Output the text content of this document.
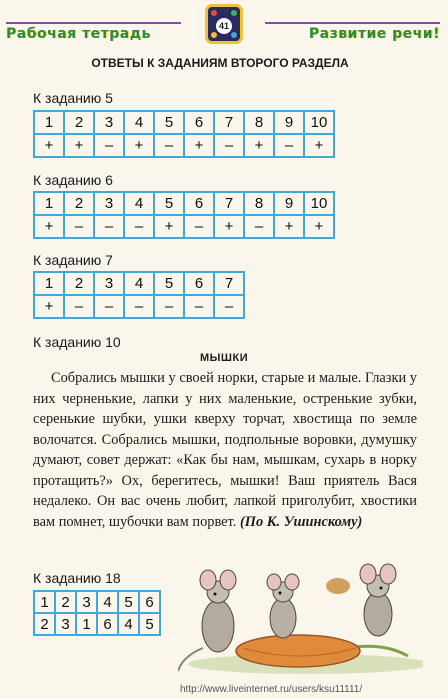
Рабочая тетрадь	41	Развитие речи!
ОТВЕТЫ К ЗАДАНИЯМ ВТОРОГО РАЗДЕЛА
К заданию 5
1	2	3	4	5	6	7	8	9	10
+	+	–	+	–	+	–	+	–	+
К заданию 6
1	2	3	4	5	6	7	8	9	10
+	–	–	–	+	–	+	–	+	+
К заданию 7
1	2	3	4	5	6	7
+	–	–	–	–	–	–
К заданию 10
МЫШКИ
Собрались мышки у своей норки, старые и малые. Глазки у них черненькие, лапки у них маленькие, остренькие зубки, серенькие шубки, ушки кверху торчат, хвостища по земле волочатся. Собрались мышки, подпольные воровки, думушку думают, совет держат: «Как бы нам, мышкам, сухарь в норку протащить?» Ох, берегитесь, мышки! Ваш приятель Вася недалеко. Он вас очень любит, лапкой приголубит, хвостики вам помнет, шубочки вам порвет. (По К. Ушинскому)
К заданию 18
1	2	3	4	5	6
2	3	1	6	4	5
http://www.liveinternet.ru/users/ksu11111/
